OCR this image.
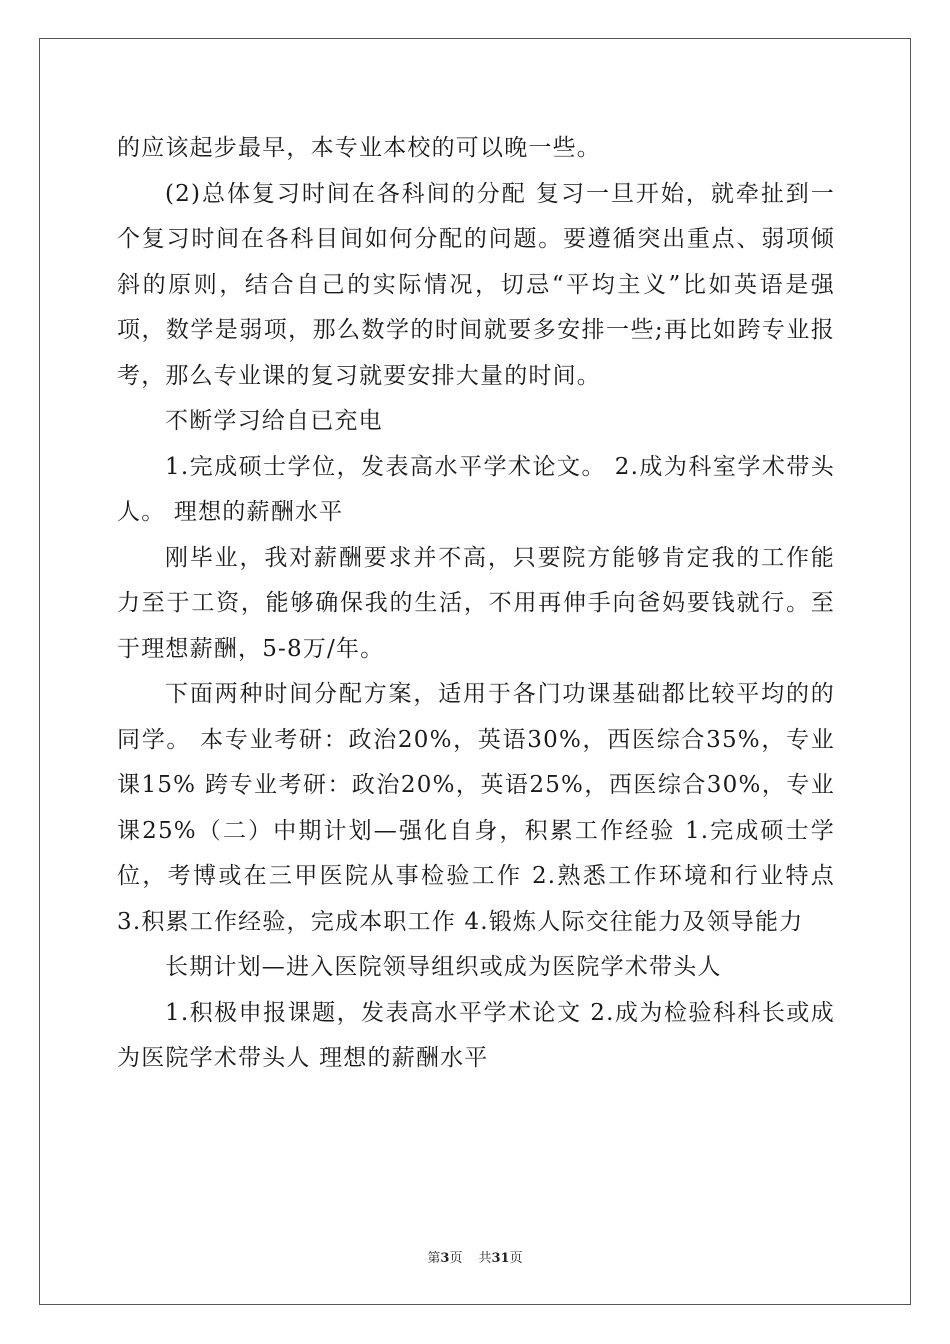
的应该起步最早，本专业本校的可以晚一些。

(2)总体复习时间在各科间的分配 复习一旦开始，就牵扯到一个复习时间在各科目间如何分配的问题。要遵循突出重点、弱项倾斜的原则，结合自己的实际情况，切忌“平均主义”比如英语是强项，数学是弱项，那么数学的时间就要多安排一些;再比如跨专业报考，那么专业课的复习就要安排大量的时间。

不断学习给自已充电

1.完成硕士学位，发表高水平学术论文。 2.成为科室学术带头人。 理想的薪酬水平

刚毕业，我对薪酬要求并不高，只要院方能够肯定我的工作能力至于工资，能够确保我的生活，不用再伸手向爸妈要钱就行。至于理想薪酬，5-8万/年。

下面两种时间分配方案，适用于各门功课基础都比较平均的的同学。 本专业考研：政治20%，英语30%，西医综合35%，专业课15% 跨专业考研：政治20%，英语25%，西医综合30%，专业课25%（二）中期计划—强化自身，积累工作经验 1.完成硕士学位，考博或在三甲医院从事检验工作 2.熟悉工作环境和行业特点 3.积累工作经验，完成本职工作 4.锻炼人际交往能力及领导能力

长期计划—进入医院领导组织或成为医院学术带头人

1.积极申报课题，发表高水平学术论文 2.成为检验科科长或成为医院学术带头人 理想的薪酬水平

第3页 共31页
